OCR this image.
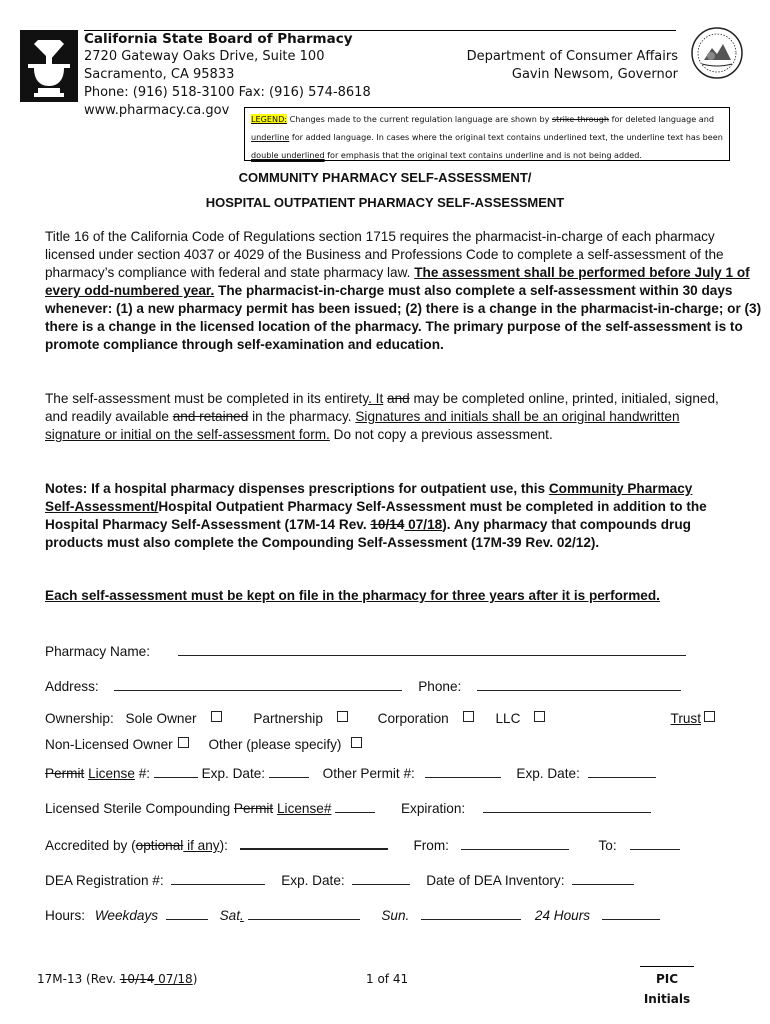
California State Board of Pharmacy
2720 Gateway Oaks Drive, Suite 100
Sacramento, CA 95833
Phone: (916) 518-3100 Fax: (916) 574-8618
www.pharmacy.ca.gov
Department of Consumer Affairs
Gavin Newsom, Governor
LEGEND: Changes made to the current regulation language are shown by strike-through for deleted language and underline for added language. In cases where the original text contains underlined text, the underline text has been double underlined for emphasis that the original text contains underline and is not being added.
COMMUNITY PHARMACY SELF-ASSESSMENT/
HOSPITAL OUTPATIENT PHARMACY SELF-ASSESSMENT
Title 16 of the California Code of Regulations section 1715 requires the pharmacist-in-charge of each pharmacy licensed under section 4037 or 4029 of the Business and Professions Code to complete a self-assessment of the pharmacy’s compliance with federal and state pharmacy law. The assessment shall be performed before July 1 of every odd-numbered year. The pharmacist-in-charge must also complete a self-assessment within 30 days whenever: (1) a new pharmacy permit has been issued; (2) there is a change in the pharmacist-in-charge; or (3) there is a change in the licensed location of the pharmacy. The primary purpose of the self-assessment is to promote compliance through self-examination and education.
The self-assessment must be completed in its entirety. It and may be completed online, printed, initialed, signed, and readily available and retained in the pharmacy. Signatures and initials shall be an original handwritten signature or initial on the self-assessment form. Do not copy a previous assessment.
Notes: If a hospital pharmacy dispenses prescriptions for outpatient use, this Community Pharmacy Self-Assessment/Hospital Outpatient Pharmacy Self-Assessment must be completed in addition to the Hospital Pharmacy Self-Assessment (17M-14 Rev. 10/14 07/18). Any pharmacy that compounds drug products must also complete the Compounding Self-Assessment (17M-39 Rev. 02/12).
Each self-assessment must be kept on file in the pharmacy for three years after it is performed.
Pharmacy Name:
Address:	Phone:
Ownership: Sole Owner	Partnership	Corporation	LLC	Trust
Non-Licensed Owner	Other (please specify)
Permit License #:	Exp. Date:	Other Permit #:	Exp. Date:
Licensed Sterile Compounding Permit License#	Expiration:
Accredited by (optional if any):	From:	To:
DEA Registration #:	Exp. Date:	Date of DEA Inventory:
Hours: Weekdays	Sat.	Sun.	24 Hours
17M-13 (Rev. 10/14 07/18)	1 of 41	PIC
Initials
